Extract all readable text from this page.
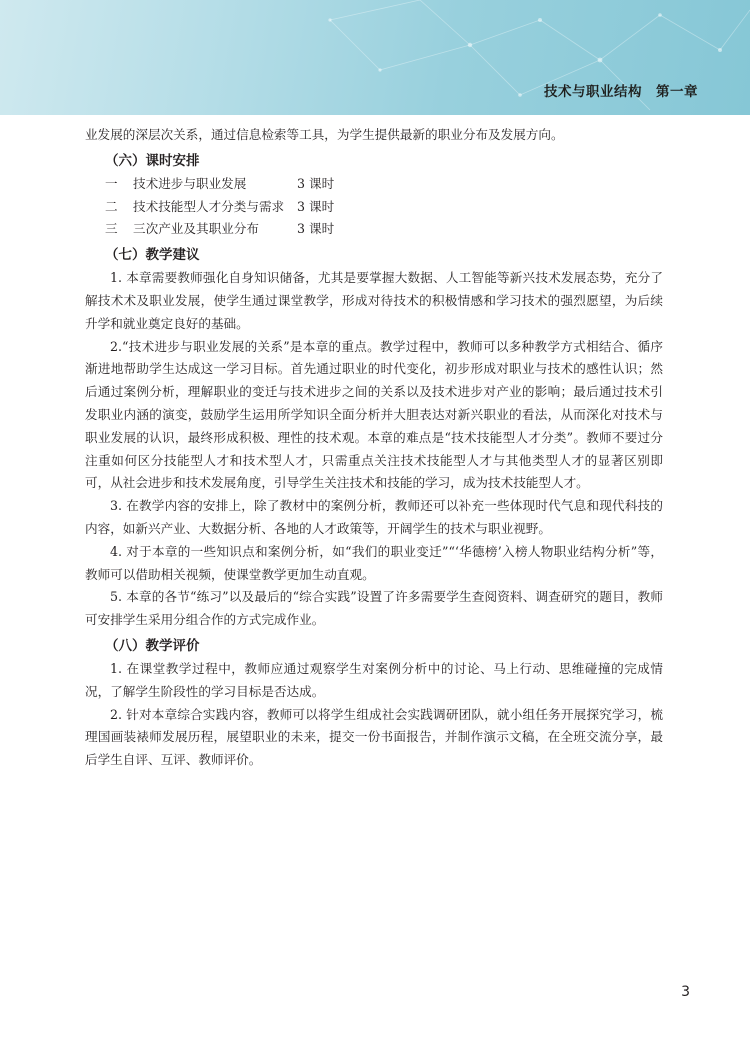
技术与职业结构　第一章

业发展的深层次关系，通过信息检索等工具，为学生提供最新的职业分布及发展方向。

（六）课时安排
一	技术进步与职业发展	3 课时
二	技术技能型人才分类与需求	3 课时
三	三次产业及其职业分布	3 课时
（七）教学建议

1. 本章需要教师强化自身知识储备，尤其是要掌握大数据、人工智能等新兴技术发展态势，充分了解技术术及职业发展，使学生通过课堂教学，形成对待技术的积极情感和学习技术的强烈愿望，为后续升学和就业奠定良好的基础。

2.“技术进步与职业发展的关系”是本章的重点。教学过程中，教师可以多种教学方式相结合、循序渐进地帮助学生达成这一学习目标。首先通过职业的时代变化，初步形成对职业与技术的感性认识；然后通过案例分析，理解职业的变迁与技术进步之间的关系以及技术进步对产业的影响；最后通过技术引发职业内涵的演变，鼓励学生运用所学知识全面分析并大胆表达对新兴职业的看法，从而深化对技术与职业发展的认识，最终形成积极、理性的技术观。本章的难点是“技术技能型人才分类”。教师不要过分注重如何区分技能型人才和技术型人才，只需重点关注技术技能型人才与其他类型人才的显著区别即可，从社会进步和技术发展角度，引导学生关注技术和技能的学习，成为技术技能型人才。

3. 在教学内容的安排上，除了教材中的案例分析，教师还可以补充一些体现时代气息和现代科技的内容，如新兴产业、大数据分析、各地的人才政策等，开阔学生的技术与职业视野。

4. 对于本章的一些知识点和案例分析，如“我们的职业变迁”“‘华德榜’入榜人物职业结构分析”等，教师可以借助相关视频，使课堂教学更加生动直观。

5. 本章的各节“练习”以及最后的“综合实践”设置了许多需要学生查阅资料、调查研究的题目，教师可安排学生采用分组合作的方式完成作业。

（八）教学评价

1. 在课堂教学过程中，教师应通过观察学生对案例分析中的讨论、马上行动、思维碰撞的完成情况，了解学生阶段性的学习目标是否达成。

2. 针对本章综合实践内容，教师可以将学生组成社会实践调研团队，就小组任务开展探究学习，梳理国画装裱师发展历程，展望职业的未来，提交一份书面报告，并制作演示文稿，在全班交流分享，最后学生自评、互评、教师评价。

3
